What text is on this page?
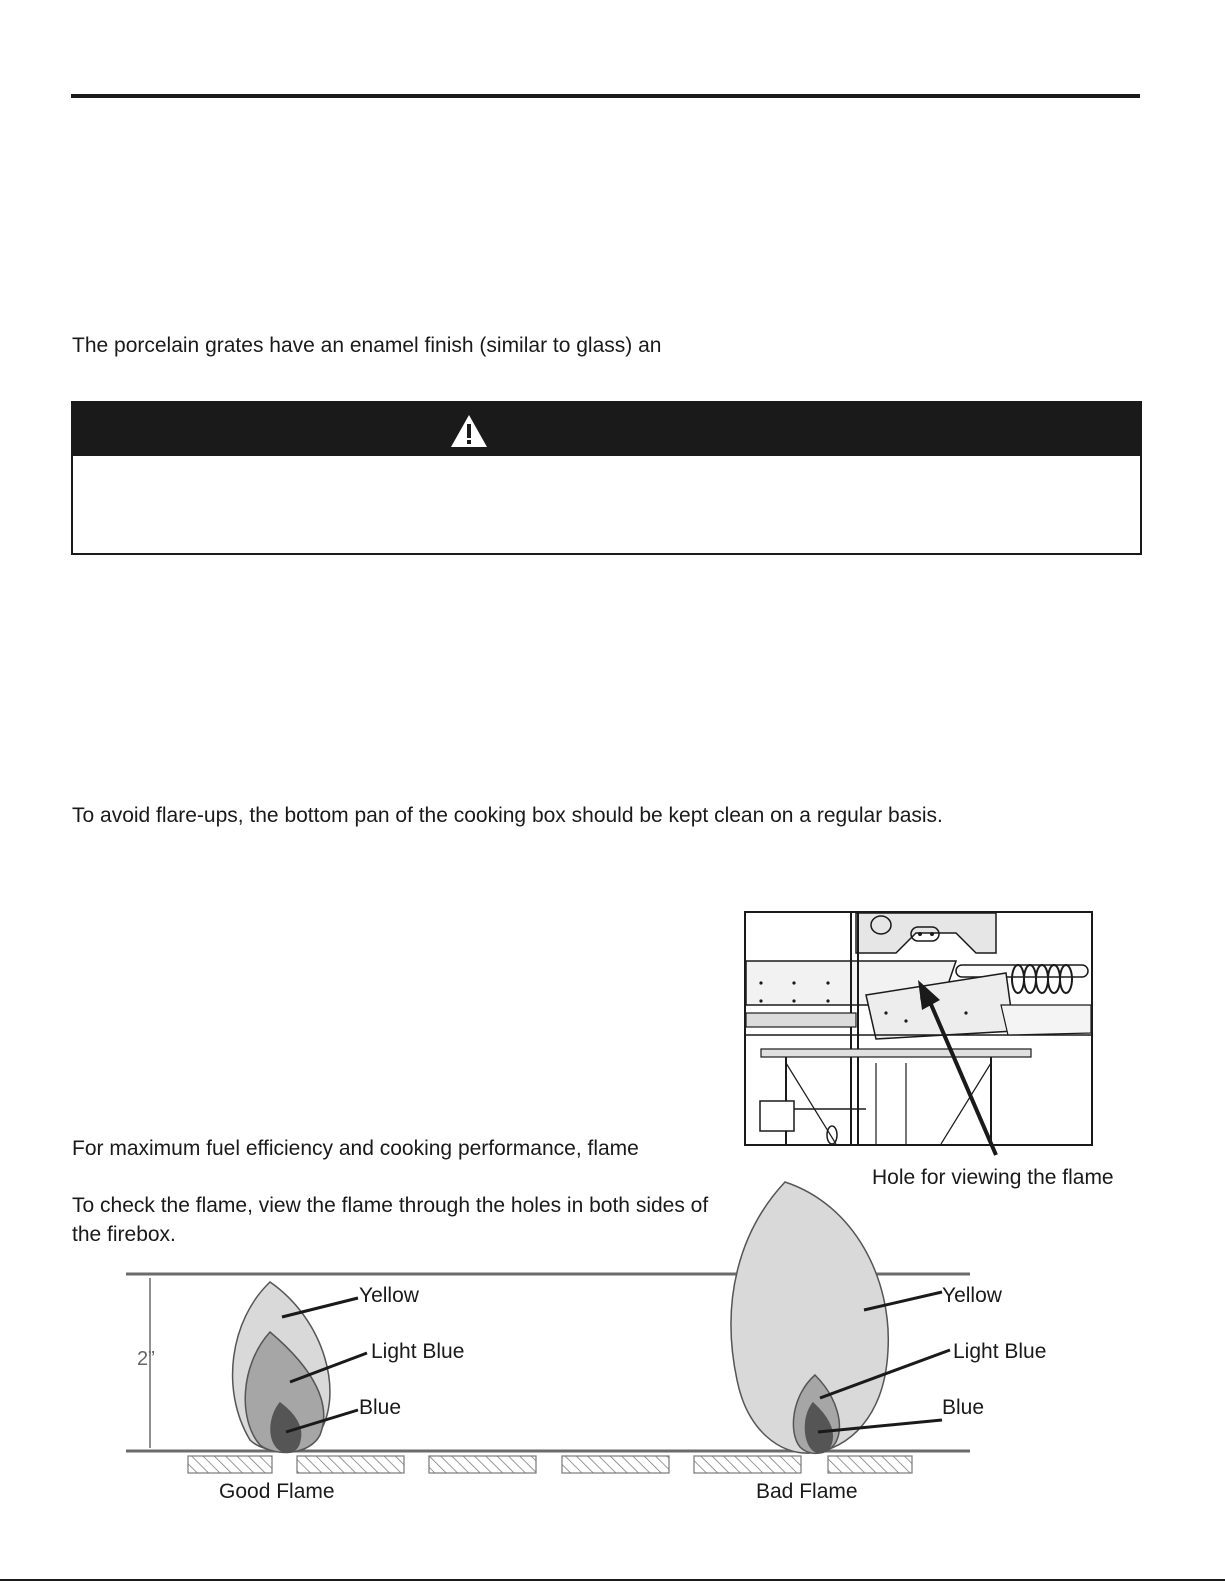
The porcelain grates have an enamel finish (similar to glass) an

To avoid flare-ups, the bottom pan of the cooking box should be kept clean on a regular basis.

Hole for viewing the flame

For maximum fuel efficiency and cooking performance, flame

To check the flame, view the flame through the holes in both sides of the firebox.

2”
Yellow
Light Blue
Blue
Good Flame
Yellow
Light Blue
Blue
Bad Flame
